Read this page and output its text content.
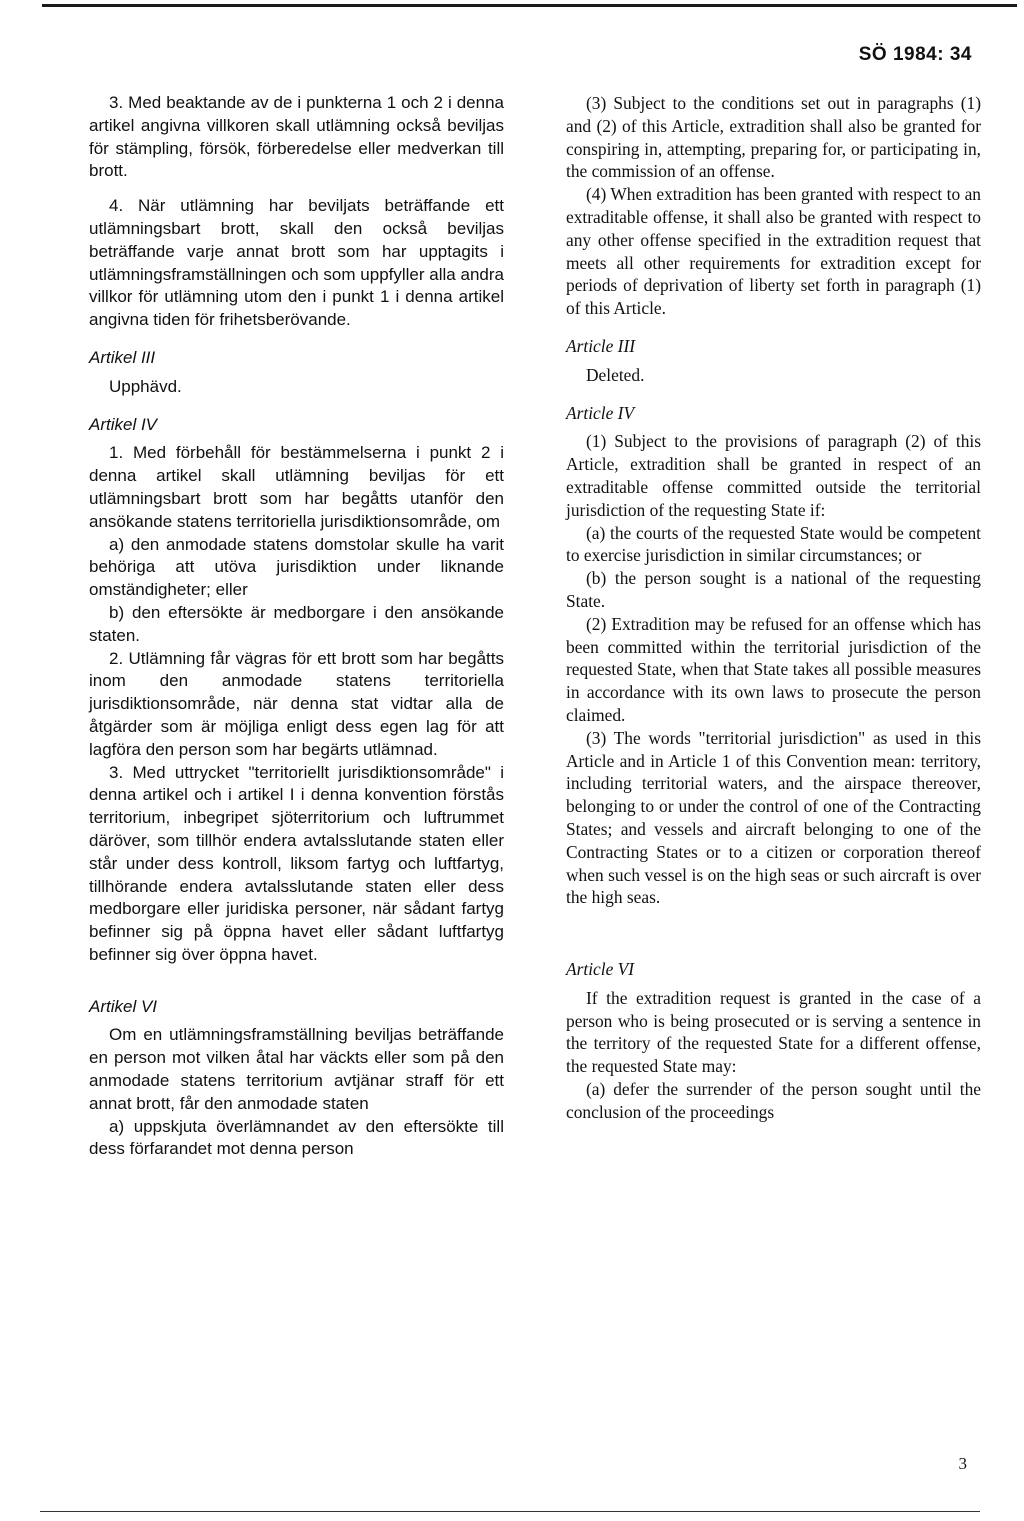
SÖ 1984: 34

3. Med beaktande av de i punkterna 1 och 2 i denna artikel angivna villkoren skall utlämning också beviljas för stämpling, försök, förberedelse eller medverkan till brott.

4. När utlämning har beviljats beträffande ett utlämningsbart brott, skall den också beviljas beträffande varje annat brott som har upptagits i utlämningsframställningen och som uppfyller alla andra villkor för utlämning utom den i punkt 1 i denna artikel angivna tiden för frihetsberövande.

Artikel III

Upphävd.

Artikel IV

1. Med förbehåll för bestämmelserna i punkt 2 i denna artikel skall utlämning beviljas för ett utlämningsbart brott som har begåtts utanför den ansökande statens territoriella jurisdiktionsområde, om

a) den anmodade statens domstolar skulle ha varit behöriga att utöva jurisdiktion under liknande omständigheter; eller

b) den eftersökte är medborgare i den ansökande staten.

2. Utlämning får vägras för ett brott som har begåtts inom den anmodade statens territoriella jurisdiktionsområde, när denna stat vidtar alla de åtgärder som är möjliga enligt dess egen lag för att lagföra den person som har begärts utlämnad.

3. Med uttrycket "territoriellt jurisdiktionsområde" i denna artikel och i artikel I i denna konvention förstås territorium, inbegripet sjöterritorium och luftrummet däröver, som tillhör endera avtalsslutande staten eller står under dess kontroll, liksom fartyg och luftfartyg, tillhörande endera avtalsslutande staten eller dess medborgare eller juridiska personer, när sådant fartyg befinner sig på öppna havet eller sådant luftfartyg befinner sig över öppna havet.

Artikel VI

Om en utlämningsframställning beviljas beträffande en person mot vilken åtal har väckts eller som på den anmodade statens territorium avtjänar straff för ett annat brott, får den anmodade staten

a) uppskjuta överlämnandet av den eftersökte till dess förfarandet mot denna person

(3) Subject to the conditions set out in paragraphs (1) and (2) of this Article, extradition shall also be granted for conspiring in, attempting, preparing for, or participating in, the commission of an offense.

(4) When extradition has been granted with respect to an extraditable offense, it shall also be granted with respect to any other offense specified in the extradition request that meets all other requirements for extradition except for periods of deprivation of liberty set forth in paragraph (1) of this Article.

Article III

Deleted.

Article IV

(1) Subject to the provisions of paragraph (2) of this Article, extradition shall be granted in respect of an extraditable offense committed outside the territorial jurisdiction of the requesting State if:

(a) the courts of the requested State would be competent to exercise jurisdiction in similar circumstances; or

(b) the person sought is a national of the requesting State.

(2) Extradition may be refused for an offense which has been committed within the territorial jurisdiction of the requested State, when that State takes all possible measures in accordance with its own laws to prosecute the person claimed.

(3) The words "territorial jurisdiction" as used in this Article and in Article 1 of this Convention mean: territory, including territorial waters, and the airspace thereover, belonging to or under the control of one of the Contracting States; and vessels and aircraft belonging to one of the Contracting States or to a citizen or corporation thereof when such vessel is on the high seas or such aircraft is over the high seas.

Article VI

If the extradition request is granted in the case of a person who is being prosecuted or is serving a sentence in the territory of the requested State for a different offense, the requested State may:

(a) defer the surrender of the person sought until the conclusion of the proceedings

3
